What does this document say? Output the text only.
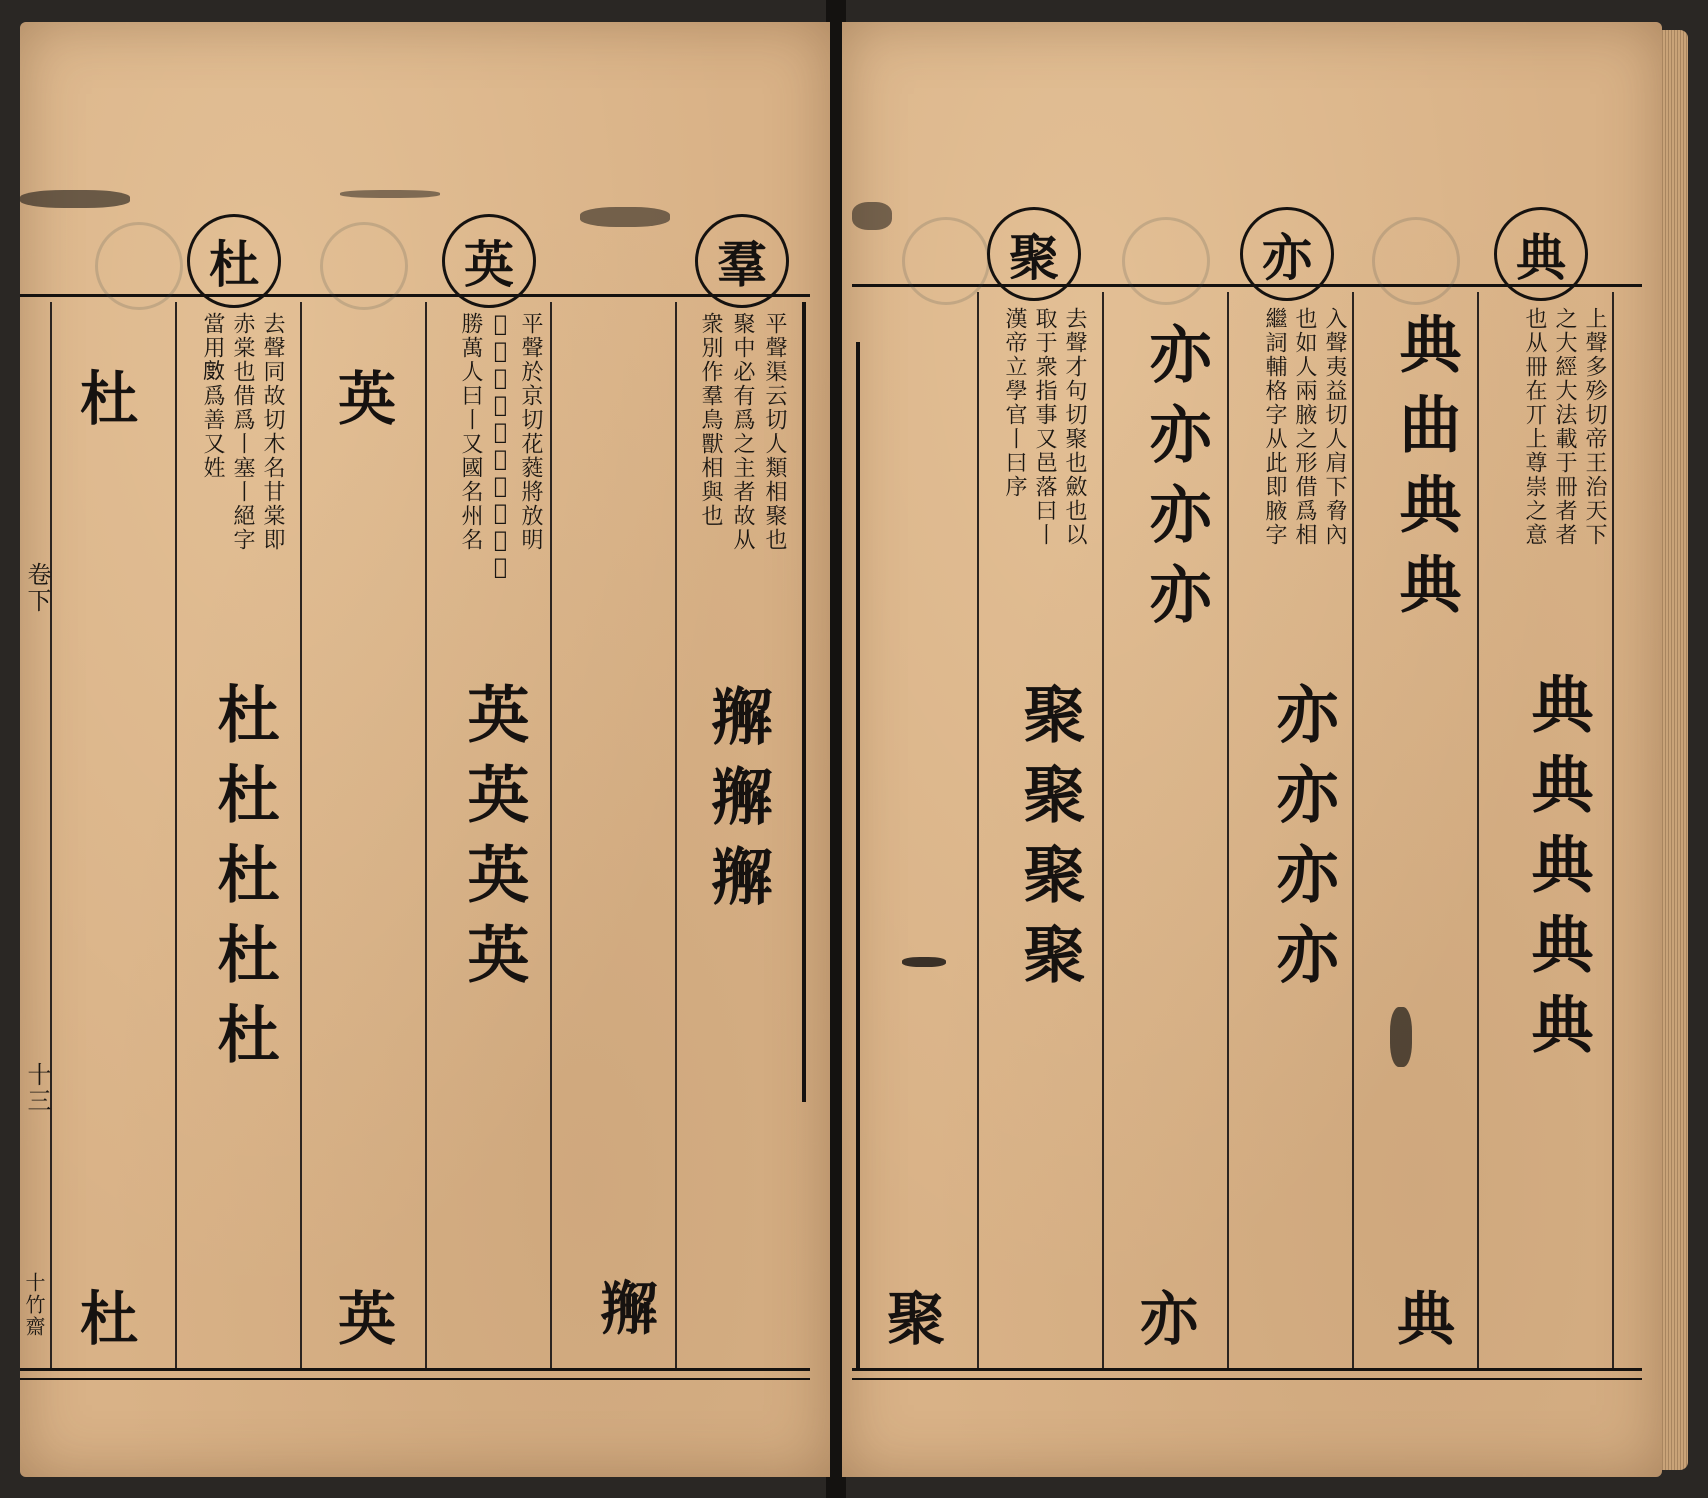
卷下
十三
十竹齋
杜	英	羣
平聲渠云切人類相聚也
聚中必有爲之主者故从
衆別作羣鳥獸相與也
𦏘𦏘𦏘
𦏘
平聲於京切花蕤將放明
𤏳𤏳也借爲丨俊字又才
勝萬人曰丨又國名州名
英英英英
英
英
去聲同故切木名甘棠即
赤棠也借爲丨塞丨絕字
當用𢾅爲善又姓
杜杜杜杜杜
杜
杜
聚	亦	典
上聲多殄切帝王治天下
之大經大法載于冊者者
也从冊在丌上尊崇之意
典典典典典
典曲典典
典
入聲夷益切人肩下脅內
也如人兩腋之形借爲相
繼詞輔格字从此即腋字
亦亦亦亦
亦亦亦亦
亦
去聲才句切聚也斂也以
取于衆指事又邑落曰丨
漢帝立學官丨曰序
聚聚聚聚
聚
